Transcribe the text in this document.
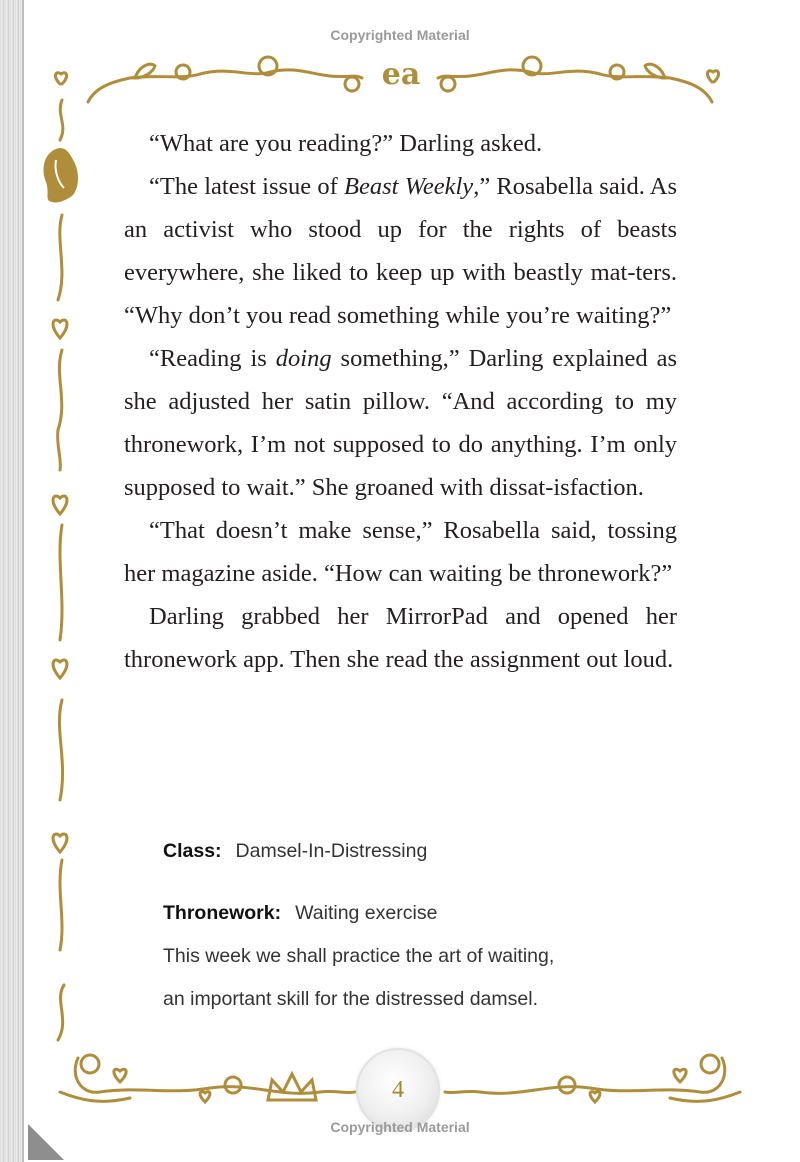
Copyrighted Material
ea

“What are you reading?” Darling asked.

“The latest issue of Beast Weekly,” Rosabella said. As an activist who stood up for the rights of beasts everywhere, she liked to keep up with beastly mat-ters. “Why don’t you read something while you’re waiting?”

“Reading is doing something,” Darling explained as she adjusted her satin pillow. “And according to my thronework, I’m not supposed to do anything. I’m only supposed to wait.” She groaned with dissat-isfaction.

“That doesn’t make sense,” Rosabella said, tossing her magazine aside. “How can waiting be thronework?”

Darling grabbed her MirrorPad and opened her thronework app. Then she read the assignment out loud.

Class: Damsel-In-Distressing
Thronework: Waiting exercise
This week we shall practice the art of waiting,
an important skill for the distressed damsel.
4
Copyrighted Material
